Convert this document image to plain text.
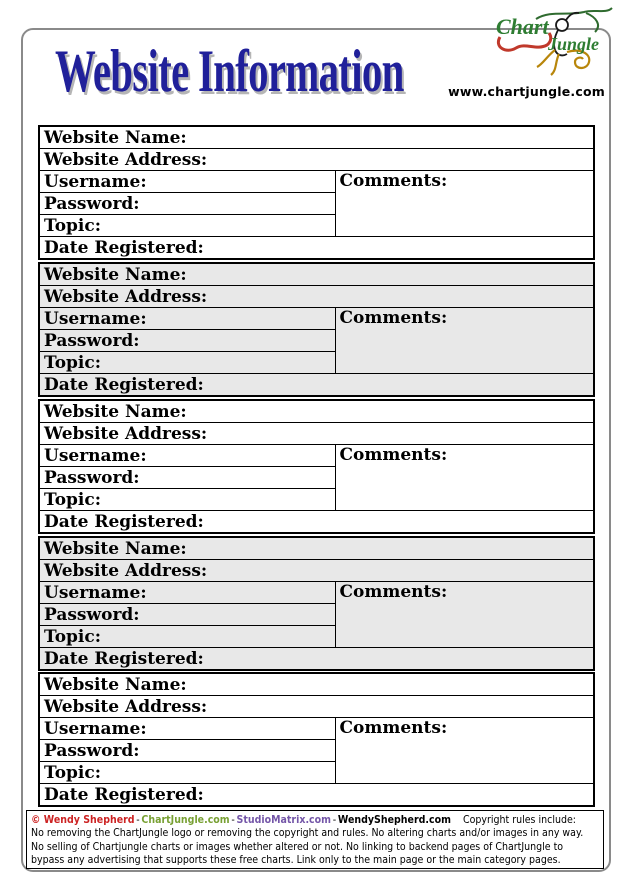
Website Information
Chart
Jungle
www.chartjungle.com
Website Name:
Website Address:
Username:	Comments:
Password:
Topic:
Date Registered:
Website Name:
Website Address:
Username:	Comments:
Password:
Topic:
Date Registered:
Website Name:
Website Address:
Username:	Comments:
Password:
Topic:
Date Registered:
Website Name:
Website Address:
Username:	Comments:
Password:
Topic:
Date Registered:
Website Name:
Website Address:
Username:	Comments:
Password:
Topic:
Date Registered:
© Wendy Shepherd - ChartJungle.com - StudioMatrix.com - WendyShepherd.com Copyright rules include:
No removing the ChartJungle logo or removing the copyright and rules. No altering charts and/or images in any way.
No selling of Chartjungle charts or images whether altered or not. No linking to backend pages of ChartJungle to
bypass any advertising that supports these free charts. Link only to the main page or the main category pages.
